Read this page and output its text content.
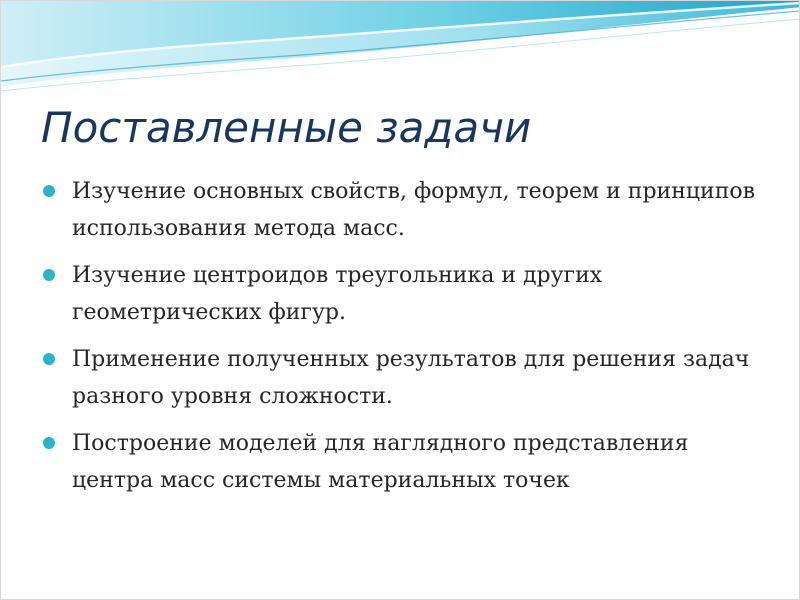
Поставленные задачи
Изучение основных свойств, формул, теорем и принципов использования метода масс.
Изучение центроидов треугольника и других геометрических фигур.
Применение полученных результатов для решения задач разного уровня сложности.
Построение моделей для наглядного представления центра масс системы материальных точек
